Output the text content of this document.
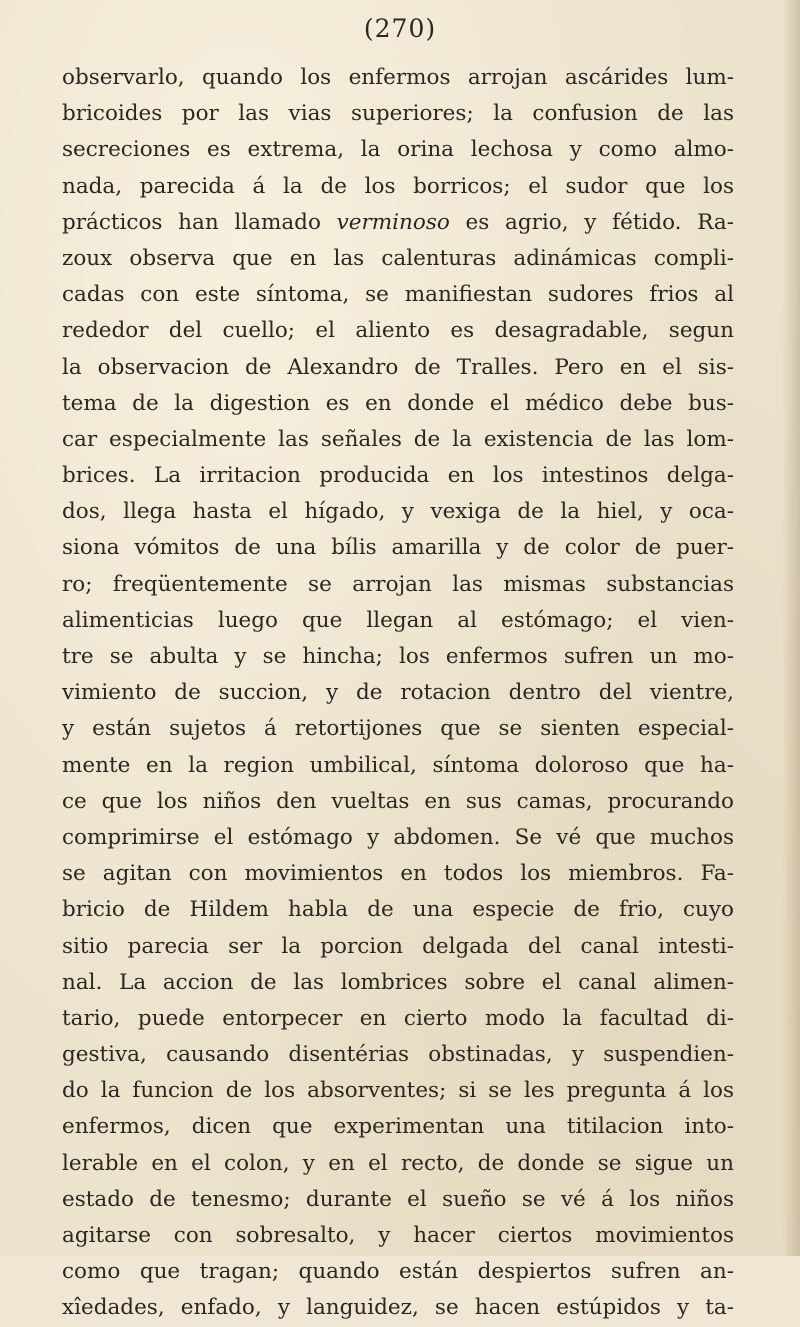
(270)
observarlo, quando los enfermos arrojan ascárides lum-
bricoides por las vias superiores; la confusion de las
secreciones es extrema, la orina lechosa y como almo-
nada, parecida á la de los borricos; el sudor que los
prácticos han llamado verminoso es agrio, y fétido. Ra-
zoux observa que en las calenturas adinámicas compli-
cadas con este síntoma, se manifiestan sudores frios al
rededor del cuello; el aliento es desagradable, segun
la observacion de Alexandro de Tralles. Pero en el sis-
tema de la digestion es en donde el médico debe bus-
car especialmente las señales de la existencia de las lom-
brices. La irritacion producida en los intestinos delga-
dos, llega hasta el hígado, y vexiga de la hiel, y oca-
siona vómitos de una bílis amarilla y de color de puer-
ro; freqüentemente se arrojan las mismas substancias
alimenticias luego que llegan al estómago; el vien-
tre se abulta y se hincha; los enfermos sufren un mo-
vimiento de succion, y de rotacion dentro del vientre,
y están sujetos á retortijones que se sienten especial-
mente en la region umbilical, síntoma doloroso que ha-
ce que los niños den vueltas en sus camas, procurando
comprimirse el estómago y abdomen. Se vé que muchos
se agitan con movimientos en todos los miembros. Fa-
bricio de Hildem habla de una especie de frio, cuyo
sitio parecia ser la porcion delgada del canal intesti-
nal. La accion de las lombrices sobre el canal alimen-
tario, puede entorpecer en cierto modo la facultad di-
gestiva, causando disentérias obstinadas, y suspendien-
do la funcion de los absorventes; si se les pregunta á los
enfermos, dicen que experimentan una titilacion into-
lerable en el colon, y en el recto, de donde se sigue un
estado de tenesmo; durante el sueño se vé á los niños
agitarse con sobresalto, y hacer ciertos movimientos
como que tragan; quando están despiertos sufren an-
xîedades, enfado, y languidez, se hacen estúpidos y ta-
